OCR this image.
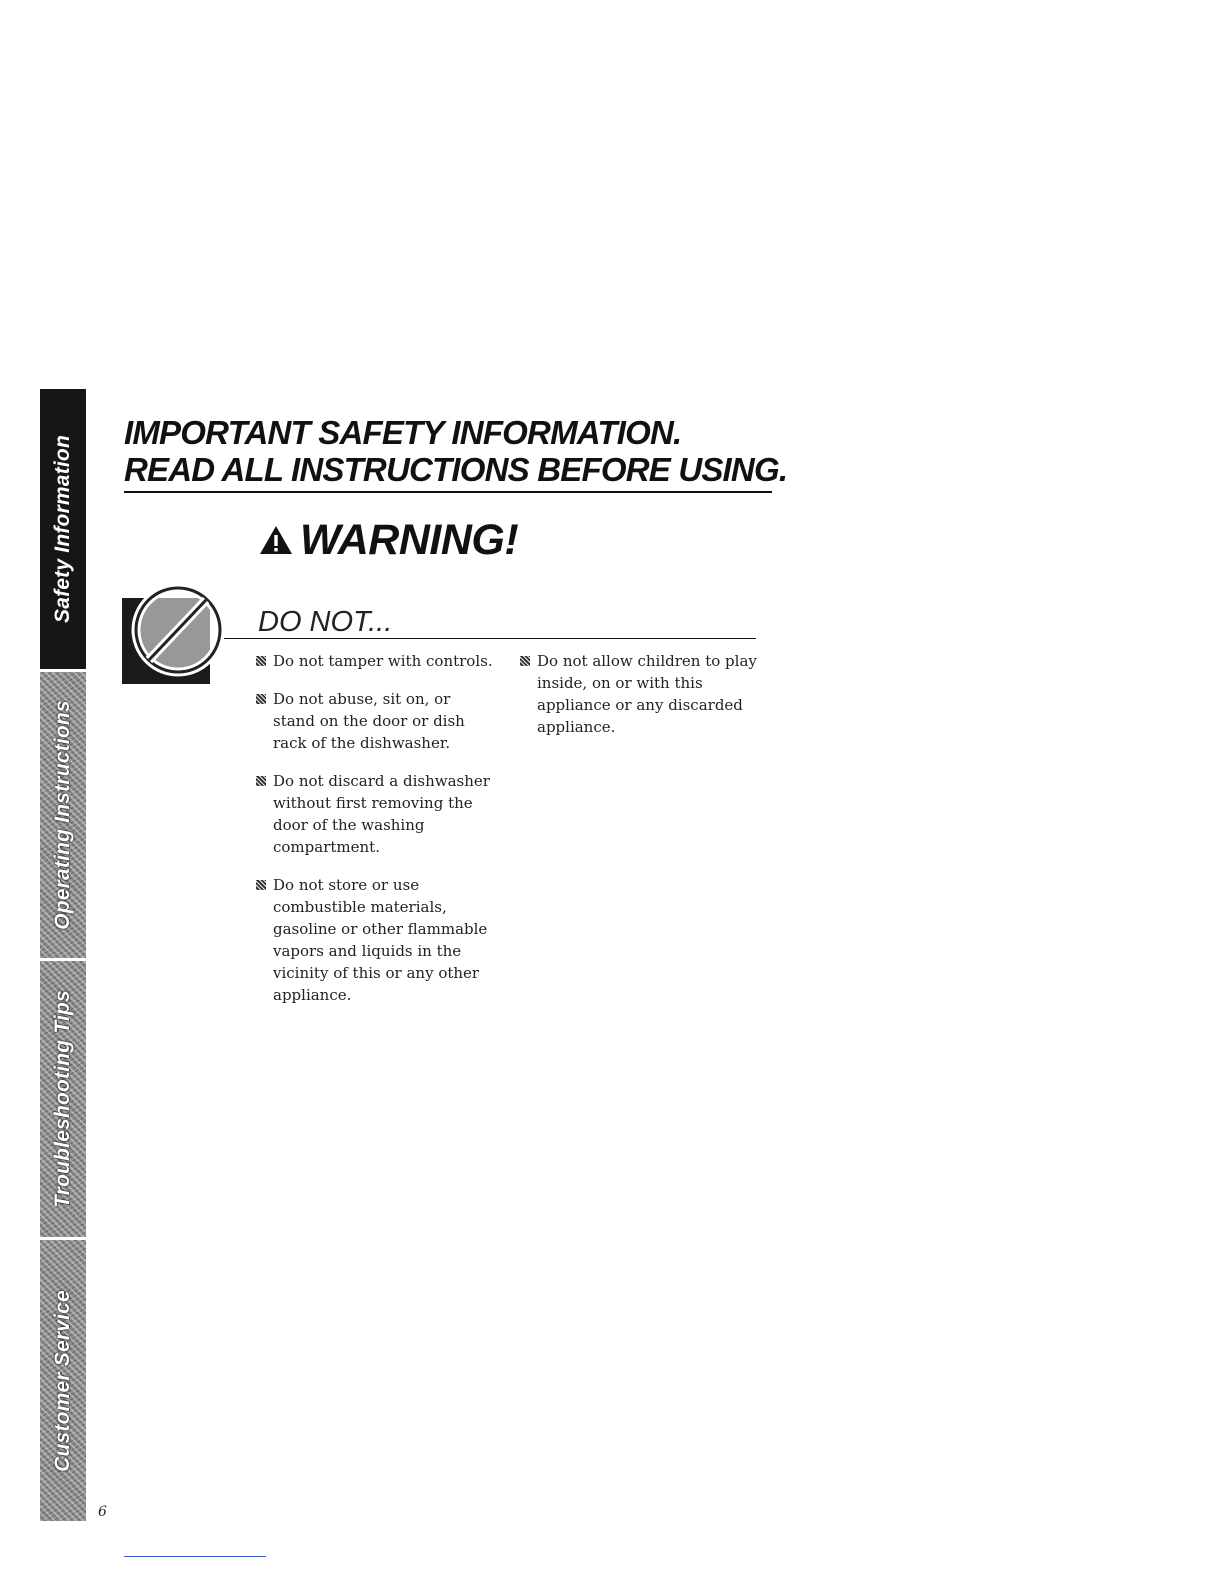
Safety Information
Operating Instructions
Troubleshooting Tips
Customer Service
IMPORTANT SAFETY INFORMATION.
READ ALL INSTRUCTIONS BEFORE USING.
WARNING!
DO NOT...
Do not tamper with controls.
Do not abuse, sit on, or stand on the door or dish rack of the dishwasher.
Do not discard a dishwasher without first removing the door of the washing compartment.
Do not store or use combustible materials, gasoline or other flammable vapors and liquids in the vicinity of this or any other appliance.
Do not allow children to play inside, on or with this appliance or any discarded appliance.
6
